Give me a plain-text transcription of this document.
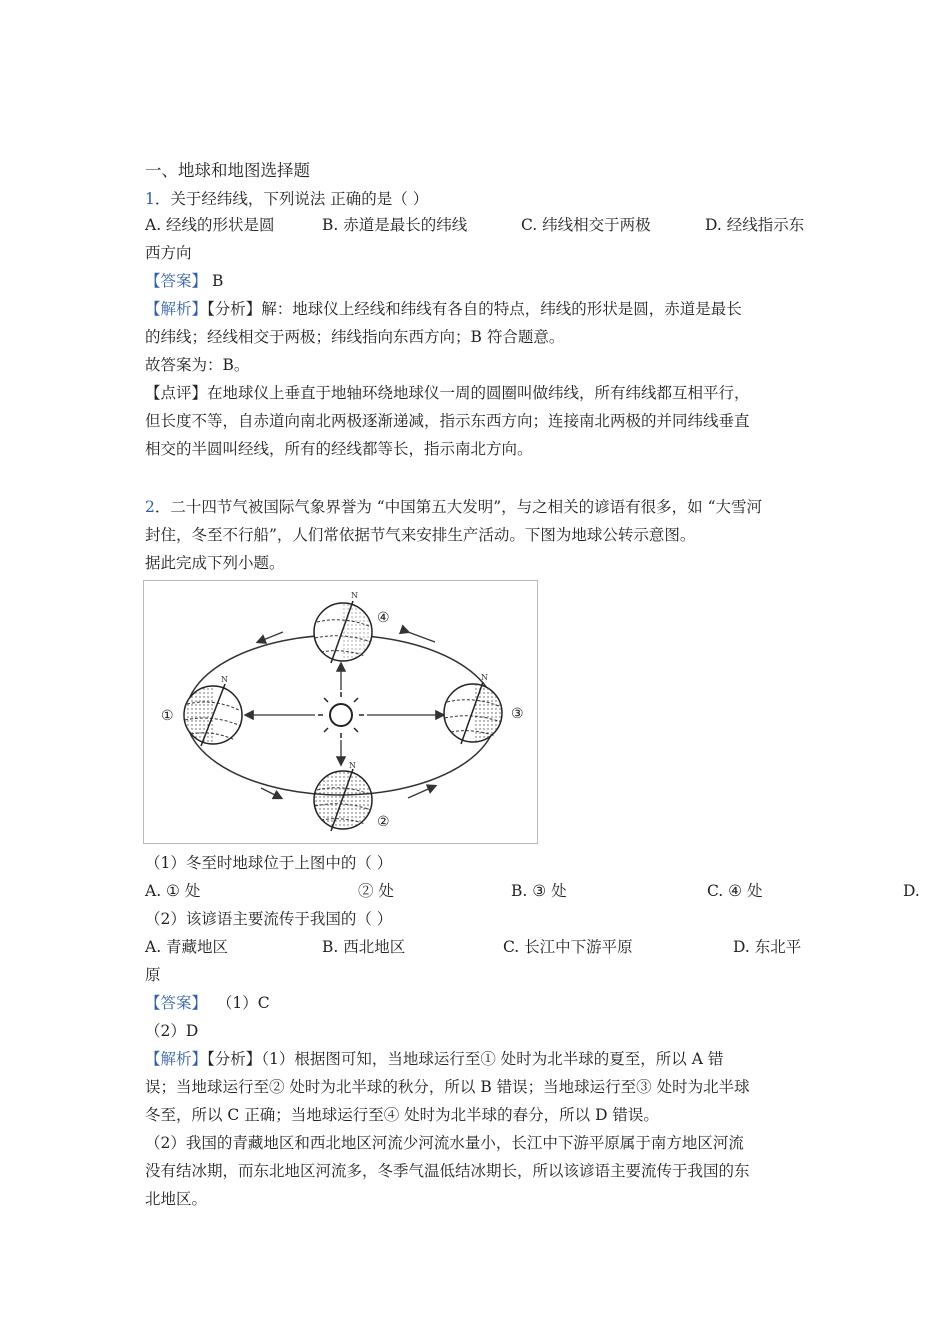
一、地球和地图选择题
1．关于经纬线，下列说法 正确的是（ ）
A. 经线的形状是圆	B. 赤道是最长的纬线	C. 纬线相交于两极	D. 经线指示东
西方向
【答案】 B
【解析】【分析】解：地球仪上经线和纬线有各自的特点，纬线的形状是圆，赤道是最长
的纬线；经线相交于两极；纬线指向东西方向；B 符合题意。
故答案为：B。
【点评】在地球仪上垂直于地轴环绕地球仪一周的圆圈叫做纬线，所有纬线都互相平行，
但长度不等，自赤道向南北两极逐渐递减，指示东西方向；连接南北两极的并同纬线垂直
相交的半圆叫经线，所有的经线都等长，指示南北方向。
2．二十四节气被国际气象界誉为 “中国第五大发明”，与之相关的谚语有很多，如 “大雪河
封住，冬至不行船”，人们常依据节气来安排生产活动。下图为地球公转示意图。
据此完成下列小题。
N
①
N
④
N
③
N
②
（1）冬至时地球位于上图中的（ ）
A. ① 处	② 处	B. ③ 处	C. ④ 处	D.
（2）该谚语主要流传于我国的（ ）
A. 青藏地区	B. 西北地区	C. 长江中下游平原	D. 东北平
原
【答案】 （1）C
（2）D
【解析】【分析】（1）根据图可知，当地球运行至① 处时为北半球的夏至，所以 A 错
误；当地球运行至② 处时为北半球的秋分，所以 B 错误；当地球运行至③ 处时为北半球
冬至，所以 C 正确；当地球运行至④ 处时为北半球的春分，所以 D 错误。
（2）我国的青藏地区和西北地区河流少河流水量小，长江中下游平原属于南方地区河流
没有结冰期，而东北地区河流多，冬季气温低结冰期长，所以该谚语主要流传于我国的东
北地区。
